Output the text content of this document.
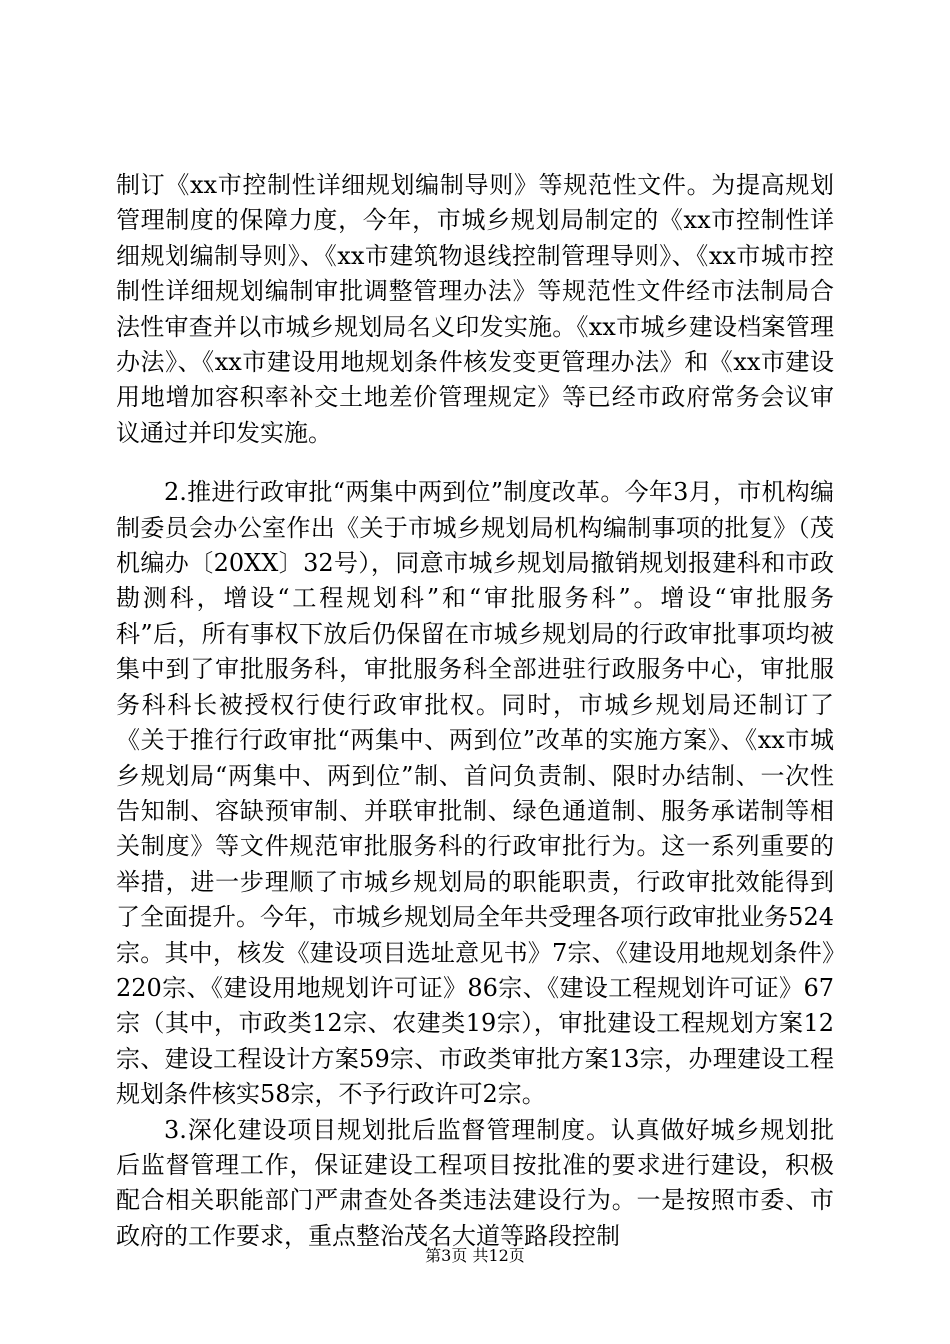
制订《xx市控制性详细规划编制导则》等规范性文件。为提高规划管理制度的保障力度，今年，市城乡规划局制定的《xx市控制性详细规划编制导则》、《xx市建筑物退线控制管理导则》、《xx市城市控制性详细规划编制审批调整管理办法》等规范性文件经市法制局合法性审查并以市城乡规划局名义印发实施。《xx市城乡建设档案管理办法》、《xx市建设用地规划条件核发变更管理办法》和《xx市建设用地增加容积率补交土地差价管理规定》等已经市政府常务会议审议通过并印发实施。

2.推进行政审批“两集中两到位”制度改革。今年3月，市机构编制委员会办公室作出《关于市城乡规划局机构编制事项的批复》（茂机编办〔20XX〕32号），同意市城乡规划局撤销规划报建科和市政勘测科，增设“工程规划科”和“审批服务科”。增设“审批服务科”后，所有事权下放后仍保留在市城乡规划局的行政审批事项均被集中到了审批服务科，审批服务科全部进驻行政服务中心，审批服务科科长被授权行使行政审批权。同时，市城乡规划局还制订了《关于推行行政审批“两集中、两到位”改革的实施方案》、《xx市城乡规划局“两集中、两到位”制、首问负责制、限时办结制、一次性告知制、容缺预审制、并联审批制、绿色通道制、服务承诺制等相关制度》等文件规范审批服务科的行政审批行为。这一系列重要的举措，进一步理顺了市城乡规划局的职能职责，行政审批效能得到了全面提升。今年，市城乡规划局全年共受理各项行政审批业务524宗。其中，核发《建设项目选址意见书》7宗、《建设用地规划条件》220宗、《建设用地规划许可证》86宗、《建设工程规划许可证》67宗（其中，市政类12宗、农建类19宗），审批建设工程规划方案12宗、建设工程设计方案59宗、市政类审批方案13宗，办理建设工程规划条件核实58宗，不予行政许可2宗。

3.深化建设项目规划批后监督管理制度。认真做好城乡规划批后监督管理工作，保证建设工程项目按批准的要求进行建设，积极配合相关职能部门严肃查处各类违法建设行为。一是按照市委、市政府的工作要求，重点整治茂名大道等路段控制

第3页 共12页
